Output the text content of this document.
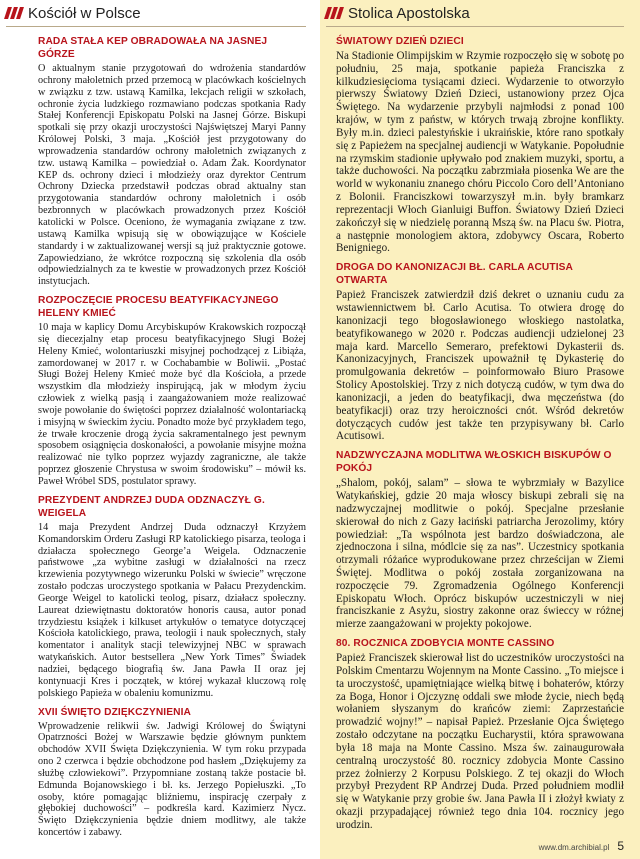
Kościół w Polsce
RADA STAŁA KEP OBRADOWAŁA NA JASNEJ GÓRZE

O aktualnym stanie przygotowań do wdrożenia standardów ochrony małoletnich przed przemocą w placówkach kościelnych w związku z tzw. ustawą Kamilka, lekcjach religii w szkołach, ochronie życia ludzkiego rozmawiano podczas spotkania Rady Stałej Konferencji Episkopatu Polski na Jasnej Górze. Biskupi spotkali się przy okazji uroczystości Najświętszej Maryi Panny Królowej Polski, 3 maja. „Kościół jest przygotowany do wprowadzenia standardów ochrony małoletnich związanych z tzw. ustawą Kamilka – powiedział o. Adam Żak. Koordynator KEP ds. ochrony dzieci i młodzieży oraz dyrektor Centrum Ochrony Dziecka przedstawił podczas obrad aktualny stan przygotowania standardów ochrony małoletnich i osób bezbronnych w placówkach prowadzonych przez Kościół katolicki w Polsce. Oceniono, że wymagania związane z tzw. ustawą Kamilka wpisują się w obowiązujące w Kościele standardy i w zaktualizowanej wersji są już praktycznie gotowe. Zapowiedziano, że wkrótce rozpoczną się szkolenia dla osób odpowiedzialnych za te kwestie w prowadzonych przez Kościół instytucjach.

ROZPOCZĘCIE PROCESU BEATYFIKACYJNEGO HELENY KMIEĆ

10 maja w kaplicy Domu Arcybiskupów Krakowskich rozpoczął się diecezjalny etap procesu beatyfikacyjnego Sługi Bożej Heleny Kmieć, wolontariuszki misyjnej pochodzącej z Libiąża, zamordowanej w 2017 r. w Cochabambie w Boliwii. „Postać Sługi Bożej Heleny Kmieć może być dla Kościoła, a przede wszystkim dla młodzieży inspirującą, jak w młodym życiu człowiek z wielką pasją i zaangażowaniem może realizować swoje powołanie do świętości poprzez działalność wolontariacką i misyjną w świeckim życiu. Ponadto może być przykładem tego, że trwałe kroczenie drogą życia sakramentalnego jest pewnym sposobem osiągnięcia doskonałości, a powołanie misyjne można realizować nie tylko poprzez wyjazdy zagraniczne, ale także poprzez głoszenie Chrystusa w swoim środowisku” – mówił ks. Paweł Wróbel SDS, postulator sprawy.

PREZYDENT ANDRZEJ DUDA ODZNACZYŁ G. WEIGELA

14 maja Prezydent Andrzej Duda odznaczył Krzyżem Komandorskim Orderu Zasługi RP katolickiego pisarza, teologa i działacza społecznego George’a Weigela. Odznaczenie państwowe „za wybitne zasługi w działalności na rzecz krzewienia pozytywnego wizerunku Polski w świecie” wręczone zostało podczas uroczystego spotkania w Pałacu Prezydenckim. George Weigel to katolicki teolog, pisarz, działacz społeczny. Laureat dziewiętnastu doktoratów honoris causa, autor ponad trzydziestu książek i kilkuset artykułów o tematyce dotyczącej Kościoła katolickiego, prawa, teologii i nauk społecznych, stały komentator i analityk stacji telewizyjnej NBC w sprawach watykańskich. Autor bestsellera „New York Times” Świadek nadziei, będącego biografią św. Jana Pawła II oraz jej kontynuacji Kres i początek, w której wykazał kluczową rolę polskiego Papieża w obaleniu komunizmu.

XVII ŚWIĘTO DZIĘKCZYNIENIA

Wprowadzenie relikwii św. Jadwigi Królowej do Świątyni Opatrzności Bożej w Warszawie będzie głównym punktem obchodów XVII Święta Dziękczynienia. W tym roku przypada ono 2 czerwca i będzie obchodzone pod hasłem „Dziękujemy za służbę człowiekowi”. Przypomniane zostaną także postacie bł. Edmunda Bojanowskiego i bł. ks. Jerzego Popiełuszki. „To osoby, które pomagając bliźniemu, inspirację czerpały z głębokiej duchowości” – podkreśla kard. Kazimierz Nycz. Święto Dziękczynienia będzie dniem modlitwy, ale także koncertów i zabawy.

Stolica Apostolska
ŚWIATOWY DZIEŃ DZIECI

Na Stadionie Olimpijskim w Rzymie rozpoczęło się w sobotę po południu, 25 maja, spotkanie papieża Franciszka z kilkudziesięcioma tysiącami dzieci. Wydarzenie to otworzyło pierwszy Światowy Dzień Dzieci, ustanowiony przez Ojca Świętego. Na wydarzenie przybyli najmłodsi z ponad 100 krajów, w tym z państw, w których trwają zbrojne konflikty. Były m.in. dzieci palestyńskie i ukraińskie, które rano spotkały się z Papieżem na specjalnej audiencji w Watykanie. Popołudnie na rzymskim stadionie upływało pod znakiem muzyki, sportu, a także duchowości. Na początku zabrzmiała piosenka We are the world w wykonaniu znanego chóru Piccolo Coro dell’Antoniano z Bolonii. Franciszkowi towarzyszył m.in. były bramkarz reprezentacji Włoch Gianluigi Buffon. Światowy Dzień Dzieci zakończył się w niedzielę poranną Mszą św. na Placu św. Piotra, a następnie monologiem aktora, zdobywcy Oscara, Roberto Benigniego.

DROGA DO KANONIZACJI BŁ. CARLA ACUTISA OTWARTA

Papież Franciszek zatwierdził dziś dekret o uznaniu cudu za wstawiennictwem bł. Carlo Acutisa. To otwiera drogę do kanonizacji tego błogosławionego włoskiego nastolatka, beatyfikowanego w 2020 r. Podczas audiencji udzielonej 23 maja kard. Marcello Semeraro, prefektowi Dykasterii ds. Kanonizacyjnych, Franciszek upoważnił tę Dykasterię do promulgowania dekretów – poinformowało Biuro Prasowe Stolicy Apostolskiej. Trzy z nich dotyczą cudów, w tym dwa do kanonizacji, a jeden do beatyfikacji, dwa męczeństwa (do beatyfikacji) oraz trzy heroiczności cnót. Wśród dekretów dotyczących cudów jest także ten przypisywany bł. Carlo Acutisowi.

NADZWYCZAJNA MODLITWA WŁOSKICH BISKUPÓW O POKÓJ

„Shalom, pokój, salam” – słowa te wybrzmiały w Bazylice Watykańskiej, gdzie 20 maja włoscy biskupi zebrali się na nadzwyczajnej modlitwie o pokój. Specjalne przesłanie skierował do nich z Gazy łaciński patriarcha Jerozolimy, który powiedział: „Ta wspólnota jest bardzo doświadczona, ale zjednoczona i silna, módlcie się za nas”. Uczestnicy spotkania otrzymali różańce wyprodukowane przez chrześcijan w Ziemi Świętej. Modlitwa o pokój została zorganizowana na rozpoczęcie 79. Zgromadzenia Ogólnego Konferencji Episkopatu Włoch. Oprócz biskupów uczestniczyli w niej franciszkanie z Asyżu, siostry zakonne oraz świeccy w różnej mierze zaangażowani w projekty pokojowe.

80. ROCZNICA ZDOBYCIA MONTE CASSINO

Papież Franciszek skierował list do uczestników uroczystości na Polskim Cmentarzu Wojennym na Monte Cassino. „To miejsce i ta uroczystość, upamiętniające wielką bitwę i bohaterów, którzy za Boga, Honor i Ojczyznę oddali swe młode życie, niech będą wołaniem słyszanym do krańców ziemi: Zaprzestańcie prowadzić wojny!” – napisał Papież. Przesłanie Ojca Świętego zostało odczytane na początku Eucharystii, która sprawowana była 18 maja na Monte Cassino. Msza św. zainaugurowała centralną uroczystość 80. rocznicy zdobycia Monte Cassino przez żołnierzy 2 Korpusu Polskiego. Z tej okazji do Włoch przybył Prezydent RP Andrzej Duda. Przed południem modlił się w Watykanie przy grobie św. Jana Pawła II i złożył kwiaty z okazji przypadającej również tego dnia 104. rocznicy jego urodzin.

www.dm.archibial.pl 5
